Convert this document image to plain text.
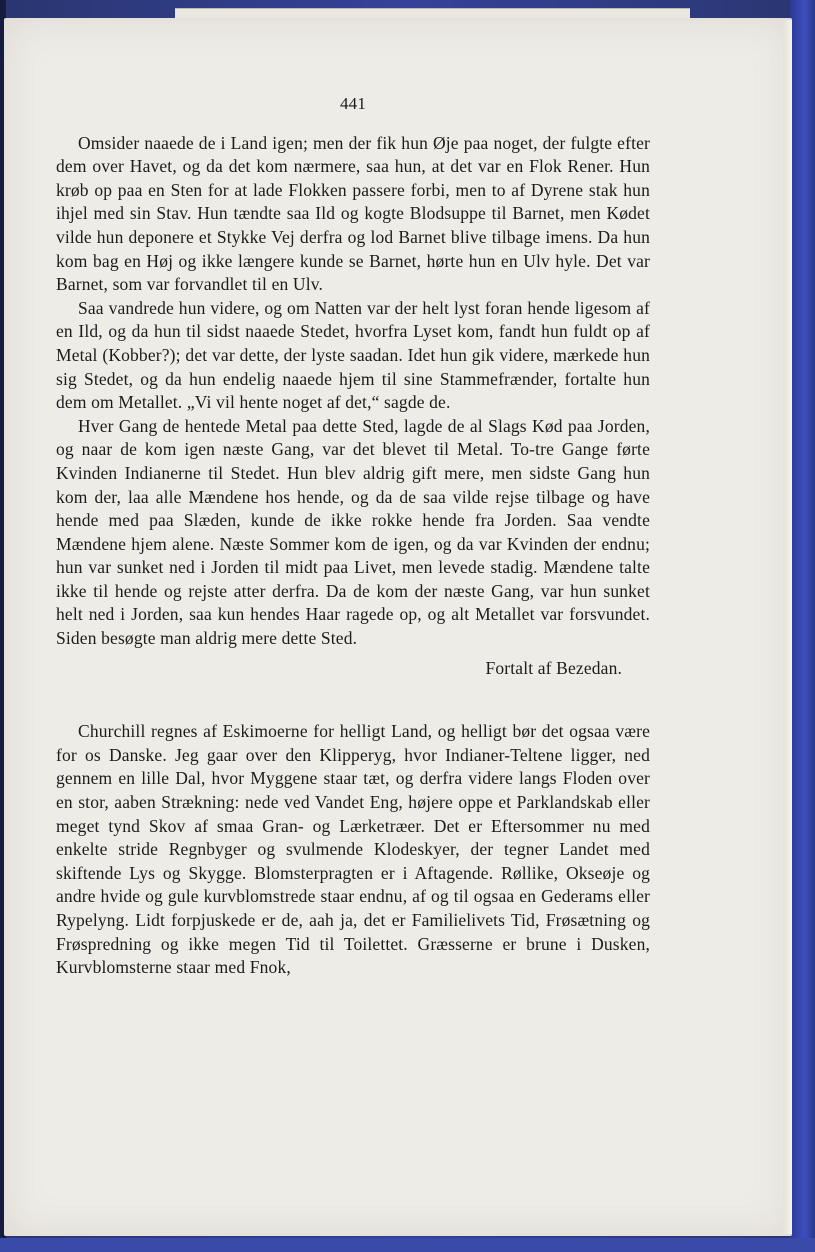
441

Omsider naaede de i Land igen; men der fik hun Øje paa noget, der fulgte efter dem over Havet, og da det kom nærmere, saa hun, at det var en Flok Rener. Hun krøb op paa en Sten for at lade Flokken passere forbi, men to af Dyrene stak hun ihjel med sin Stav. Hun tændte saa Ild og kogte Blodsuppe til Barnet, men Kødet vilde hun deponere et Stykke Vej derfra og lod Barnet blive tilbage imens. Da hun kom bag en Høj og ikke længere kunde se Barnet, hørte hun en Ulv hyle. Det var Barnet, som var forvandlet til en Ulv.

Saa vandrede hun videre, og om Natten var der helt lyst foran hende ligesom af en Ild, og da hun til sidst naaede Stedet, hvorfra Lyset kom, fandt hun fuldt op af Metal (Kobber?); det var dette, der lyste saadan. Idet hun gik videre, mærkede hun sig Stedet, og da hun endelig naaede hjem til sine Stammefrænder, fortalte hun dem om Metallet. „Vi vil hente noget af det,“ sagde de.

Hver Gang de hentede Metal paa dette Sted, lagde de al Slags Kød paa Jorden, og naar de kom igen næste Gang, var det blevet til Metal. To-tre Gange førte Kvinden Indianerne til Stedet. Hun blev aldrig gift mere, men sidste Gang hun kom der, laa alle Mændene hos hende, og da de saa vilde rejse tilbage og have hende med paa Slæden, kunde de ikke rokke hende fra Jorden. Saa vendte Mændene hjem alene. Næste Sommer kom de igen, og da var Kvinden der endnu; hun var sunket ned i Jorden til midt paa Livet, men levede stadig. Mændene talte ikke til hende og rejste atter derfra. Da de kom der næste Gang, var hun sunket helt ned i Jorden, saa kun hendes Haar ragede op, og alt Metallet var forsvundet. Siden besøgte man aldrig mere dette Sted.

Fortalt af Bezedan.

Churchill regnes af Eskimoerne for helligt Land, og helligt bør det ogsaa være for os Danske. Jeg gaar over den Klipperyg, hvor Indianer-Teltene ligger, ned gennem en lille Dal, hvor Myggene staar tæt, og derfra videre langs Floden over en stor, aaben Strækning: nede ved Vandet Eng, højere oppe et Parklandskab eller meget tynd Skov af smaa Gran- og Lærketræer. Det er Eftersommer nu med enkelte stride Regnbyger og svulmende Klodeskyer, der tegner Landet med skiftende Lys og Skygge. Blomsterpragten er i Aftagende. Røllike, Okseøje og andre hvide og gule kurvblomstrede staar endnu, af og til ogsaa en Gederams eller Rypelyng. Lidt forpjuskede er de, aah ja, det er Familielivets Tid, Frøsætning og Frøspredning og ikke megen Tid til Toilettet. Græsserne er brune i Dusken, Kurvblomsterne staar med Fnok,
